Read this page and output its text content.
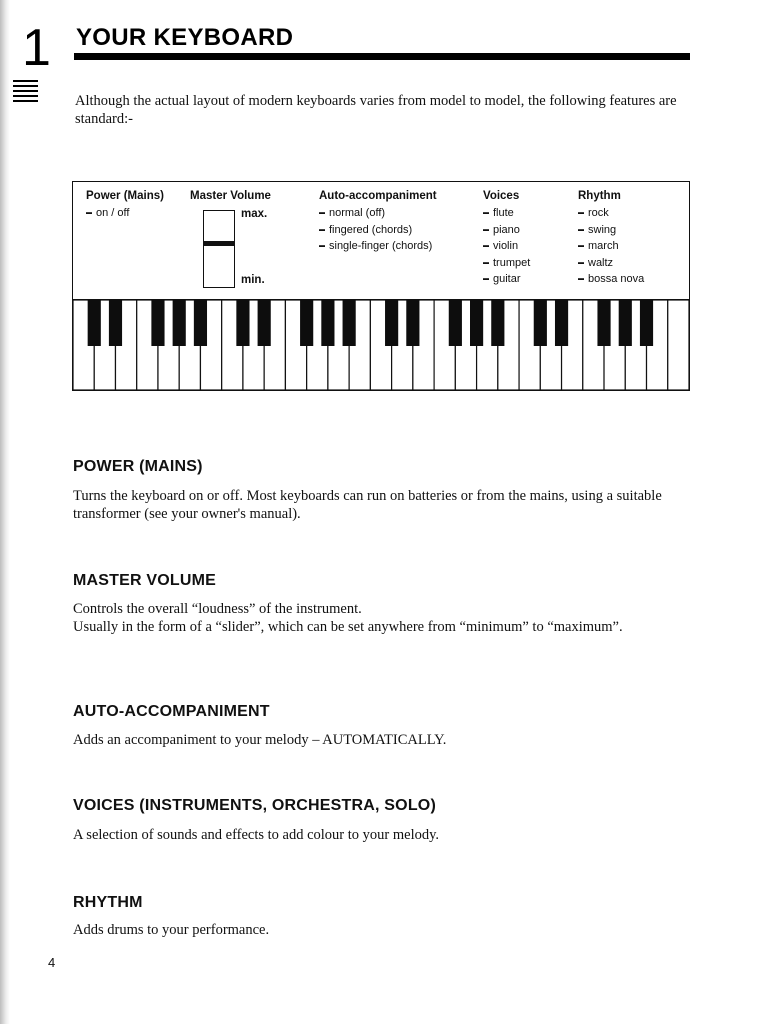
1 YOUR KEYBOARD

Although the actual layout of modern keyboards varies from model to model, the following features are standard:-

Power (Mains)
▬ on / off
Master Volume
max.
min.
Auto-accompaniment
▬ normal (off)
▬ fingered (chords)
▬ single-finger (chords)
Voices
▬ flute
▬ piano
▬ violin
▬ trumpet
▬ guitar
Rhythm
▬ rock
▬ swing
▬ march
▬ waltz
▬ bossa nova
POWER (MAINS)

Turns the keyboard on or off. Most keyboards can run on batteries or from the mains, using a suitable transformer (see your owner's manual).

MASTER VOLUME

Controls the overall “loudness” of the instrument.
Usually in the form of a “slider”, which can be set anywhere from “minimum” to “maximum”.

AUTO-ACCOMPANIMENT

Adds an accompaniment to your melody – AUTOMATICALLY.

VOICES (INSTRUMENTS, ORCHESTRA, SOLO)

A selection of sounds and effects to add colour to your melody.

RHYTHM

Adds drums to your performance.

4
